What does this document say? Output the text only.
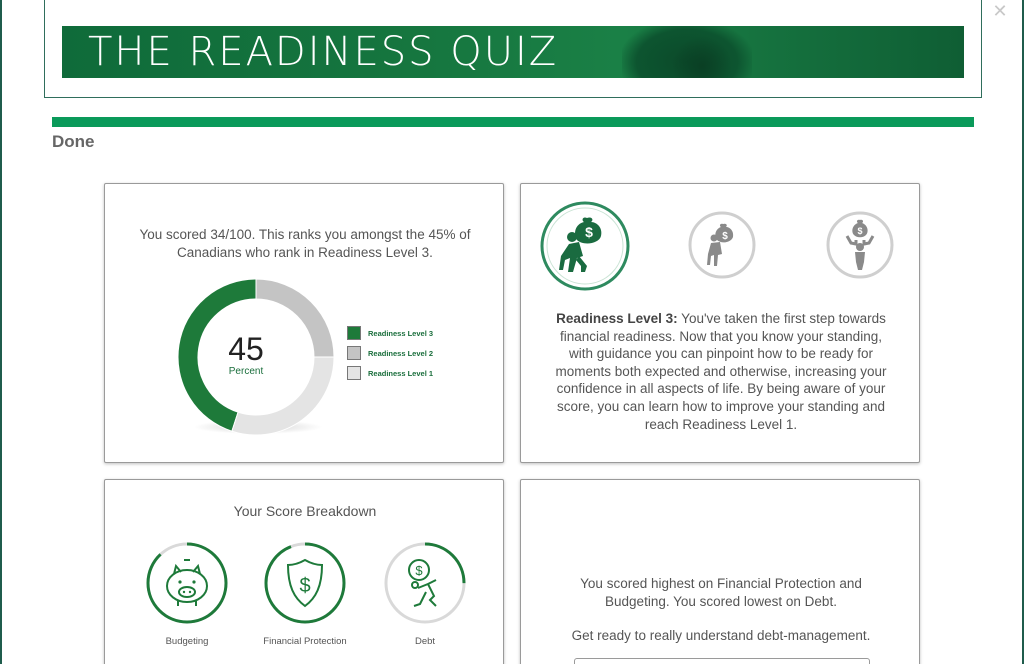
✕
THE READINESS QUIZ
Done
You scored 34/100. This ranks you amongst the 45% of Canadians who rank in Readiness Level 3.
45
Percent
Readiness Level 3
Readiness Level 2
Readiness Level 1
$	$	$
Readiness Level 3: You've taken the first step towards financial readiness. Now that you know your standing, with guidance you can pinpoint how to be ready for moments both expected and otherwise, increasing your confidence in all aspects of life. By being aware of your score, you can learn how to improve your standing and reach Readiness Level 1.
Your Score Breakdown
Budgeting
$
Financial Protection
$
Debt
You scored highest on Financial Protection and Budgeting. You scored lowest on Debt.
Get ready to really understand debt-management.
